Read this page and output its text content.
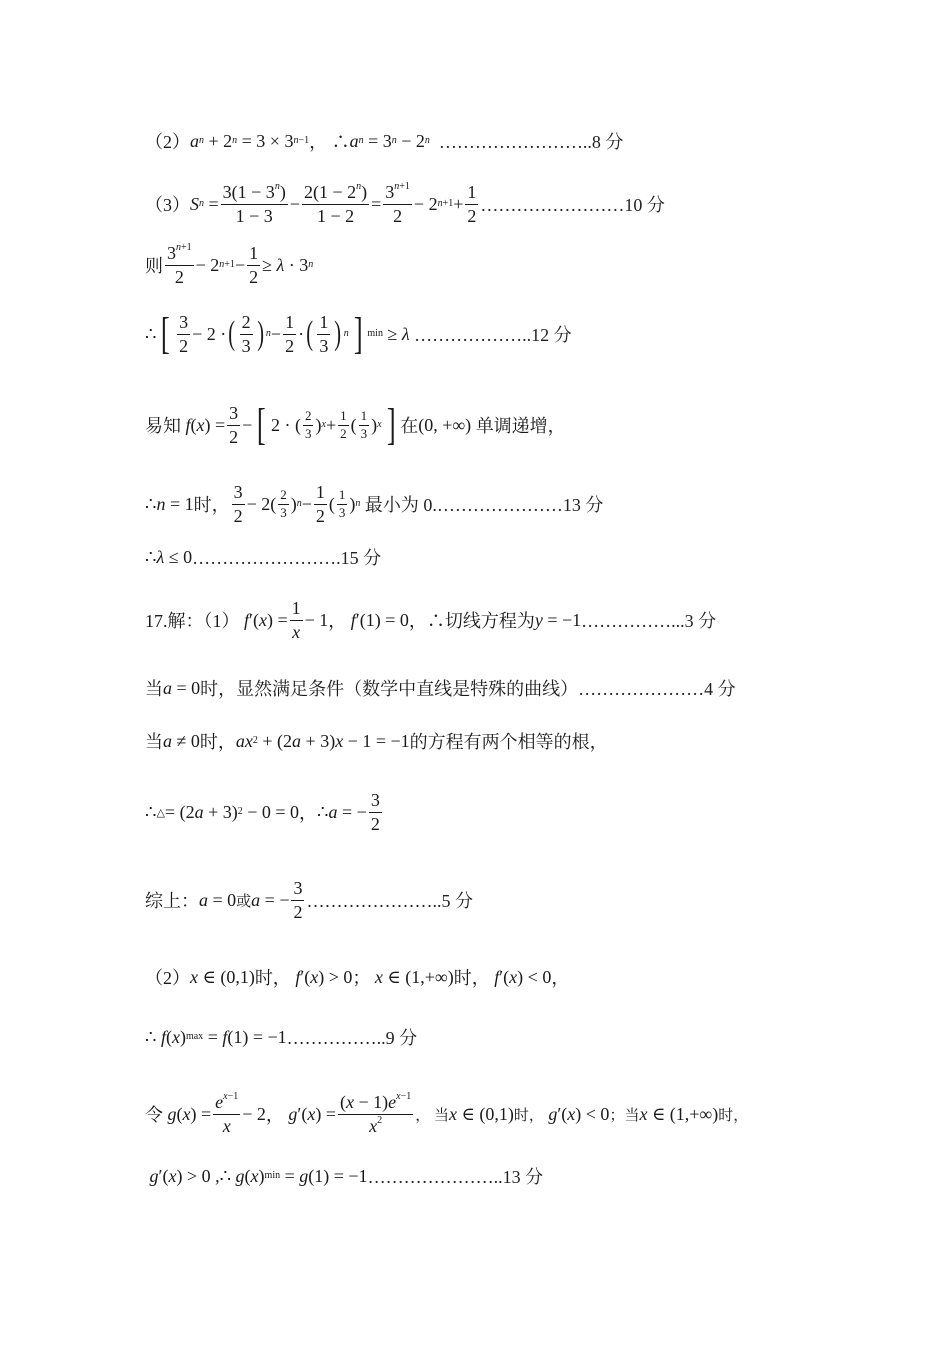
（2） a n + 2 n = 3 × 3 n−1 ， ∴ a n = 3 n − 2 n
……………………..8 分
（3） S $n = \frac{3(1 - 3^n)}{1 - 3} - \frac{2(1 - 2^n)}{1 - 2} = \frac{3^{n+1}}{2} - 2$ $n+1 + \frac{1}{2}$ ……………………10 分
则 $\frac{3^{n+1}}{2} - 2$ $n+1 - \frac{1}{2} \ge \lambda \cdot 3$ n
∴ [ $\frac{3}{2} - 2$ · ( $\frac{2}{3}$ ) $n - \frac{1}{2}$ · ( $\frac{1}{3}$ ) n ] min ≥ λ
………………..12 分
易知
f ( x ) = $\frac{3}{2}$ − [ 2 · ( $\frac{2}{3}$ ) $x + \frac{1}{2}$ ( $\frac{1}{3}$ ) x ] 在 (0, +∞) 单调递增，
∴ n = 1 时， $\frac{3}{2} - 2( \frac{2}{3}$ ) $n - \frac{1}{2}$ ( $\frac{1}{3}$ ) n
最小为 0.…………………13 分
∴ λ ≤ 0 …………………….15 分
17.解：（1）
f ′( x ) = $\frac{1}{x} - 1$ ，
f ′(1) = 0 ，∴切线方程为 y = −1 ……………...3 分
当 a = 0 时，显然满足条件（数学中直线是特殊的曲线） …………………4 分
当 a ≠ 0 时， ax 2 + (2 a + 3) x − 1 = −1 的方程有两个相等的根，
∴ △ = (2 a + 3) 2 − 0 = 0 ， ∴ a = − $\frac{3}{2}$
综上： a = 0 或 a = − $\frac{3}{2}$ …………………..5 分
（2） x ∈ (0,1) 时，
f ′( x ) > 0 ；
x ∈ (1,+∞) 时，
f ′( x ) < 0 ，
∴ f ( x ) max = f (1) = −1 ……………..9 分
令
g ( x ) = $\frac{e^{x-1}}{x} - 2$ ，
g ′( x ) = $\frac{(x - 1)e^{x-1}}{x^2}$ ， 当 x ∈ (0,1) 时，
g ′( x ) < 0 ；当 x ∈ (1,+∞) 时，

g ′( x ) > 0 ,∴ g ( x ) min = g (1) = −1 …………………..13 分
